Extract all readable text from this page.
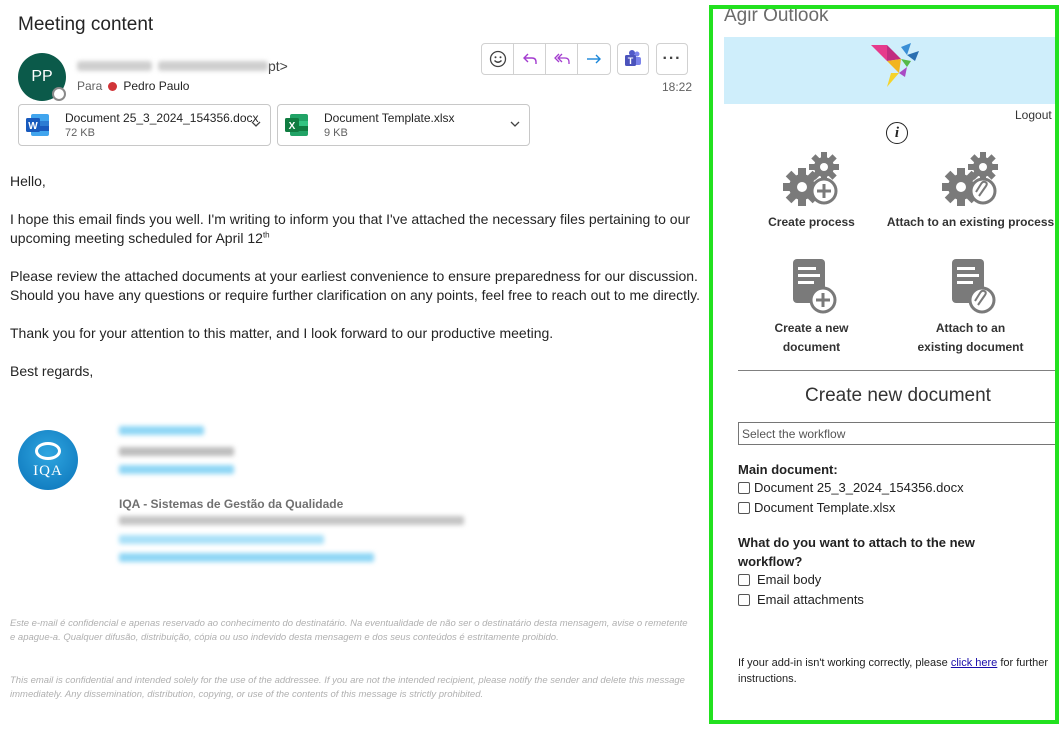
Meeting content
PP
pt>
Para Pedro Paulo
T ···
18:22
W
Document 25_3_2024_154356.docx
72 KB
X
Document Template.xlsx
9 KB

Hello,

I hope this email finds you well. I'm writing to inform you that I've attached the necessary files pertaining to our upcoming meeting scheduled for April 12th

Please review the attached documents at your earliest convenience to ensure preparedness for our discussion. Should you have any questions or require further clarification on any points, feel free to reach out to me directly.

Thank you for your attention to this matter, and I look forward to our productive meeting.

Best regards,

IQA
IQA - Sistemas de Gestão da Qualidade
Este e-mail é confidencial e apenas reservado ao conhecimento do destinatário. Na eventualidade de não ser o destinatário desta mensagem, avise o remetente e apague-a. Qualquer difusão, distribuição, cópia ou uso indevido desta mensagem e dos seus conteúdos é estritamente proibido.
This email is confidential and intended solely for the use of the addressee. If you are not the intended recipient, please notify the sender and delete this message immediately. Any dissemination, distribution, copying, or use of the contents of this message is strictly prohibited.
Agir Outlook
Logout
i
Create process	Attach to an existing process
Create a new document
Attach to an existing document
Create new document
Select the workflow
Main document:
Document 25_3_2024_154356.docx
Document Template.xlsx
What do you want to attach to the new workflow?
Email body
Email attachments
If your add-in isn't working correctly, please click here for further instructions.
